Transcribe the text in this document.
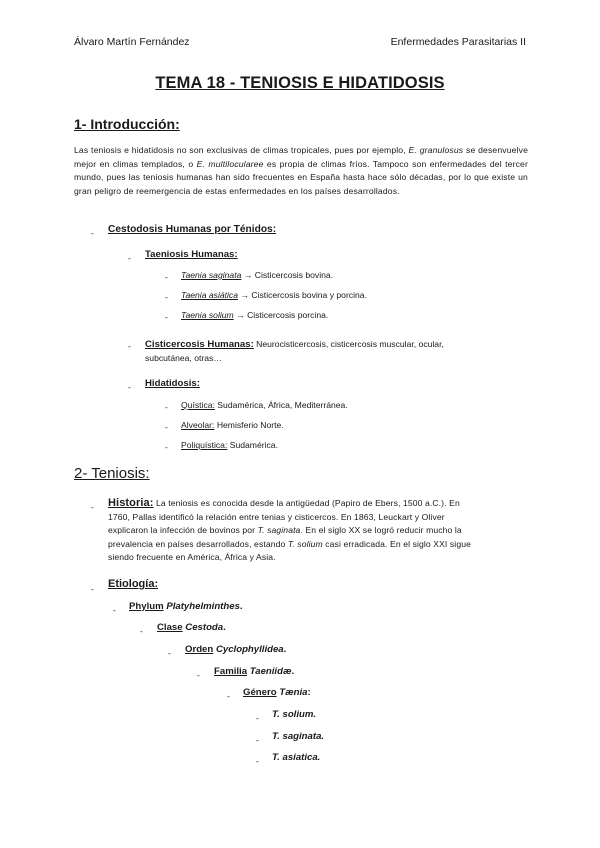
Álvaro Martín Fernández	Enfermedades Parasitarias II
TEMA 18 - TENIOSIS E HIDATIDOSIS
1- Introducción:
Las teniosis e hidatidosis no son exclusivas de climas tropicales, pues por ejemplo, E. granulosus se desenvuelve mejor en climas templados, o E. multilocularee es propia de climas fríos. Tampoco son enfermedades del tercer mundo, pues las teniosis humanas han sido frecuentes en España hasta hace sólo décadas, por lo que existe un gran peligro de reemergencia de estas enfermedades en los países desarrollados.
- Cestodosis Humanas por Ténidos:
- Taeniosis Humanas:
- Taenia saginata → Cisticercosis bovina.
- Taenia asiática → Cisticercosis bovina y porcina.
- Taenia solium → Cisticercosis porcina.
- Cisticercosis Humanas: Neurocisticercosis, cisticercosis muscular, ocular,
subcutánea, otras…
- Hidatidosis:
- Quística: Sudamérica, África, Mediterránea.
- Alveolar: Hemisferio Norte.
- Poliquística: Sudamérica.
2- Teniosis:
- Historia: La teniosis es conocida desde la antigüedad (Papiro de Ebers, 1500 a.C.). En
1760, Pallas identificó la relación entre tenias y cisticercos. En 1863, Leuckart y Oliver
explicaron la infección de bovinos por T. saginata. En el siglo XX se logró reducir mucho la
prevalencia en países desarrollados, estando T. solium casi erradicada. En el siglo XXI sigue
siendo frecuente en América, África y Asia.
- Etiología:
- Phylum Platyhelminthes.
- Clase Cestoda.
- Orden Cyclophyllidea.
- Familia Taeniidæ.
- Género Tænia:
- T. solium.
- T. saginata.
- T. asiatica.
